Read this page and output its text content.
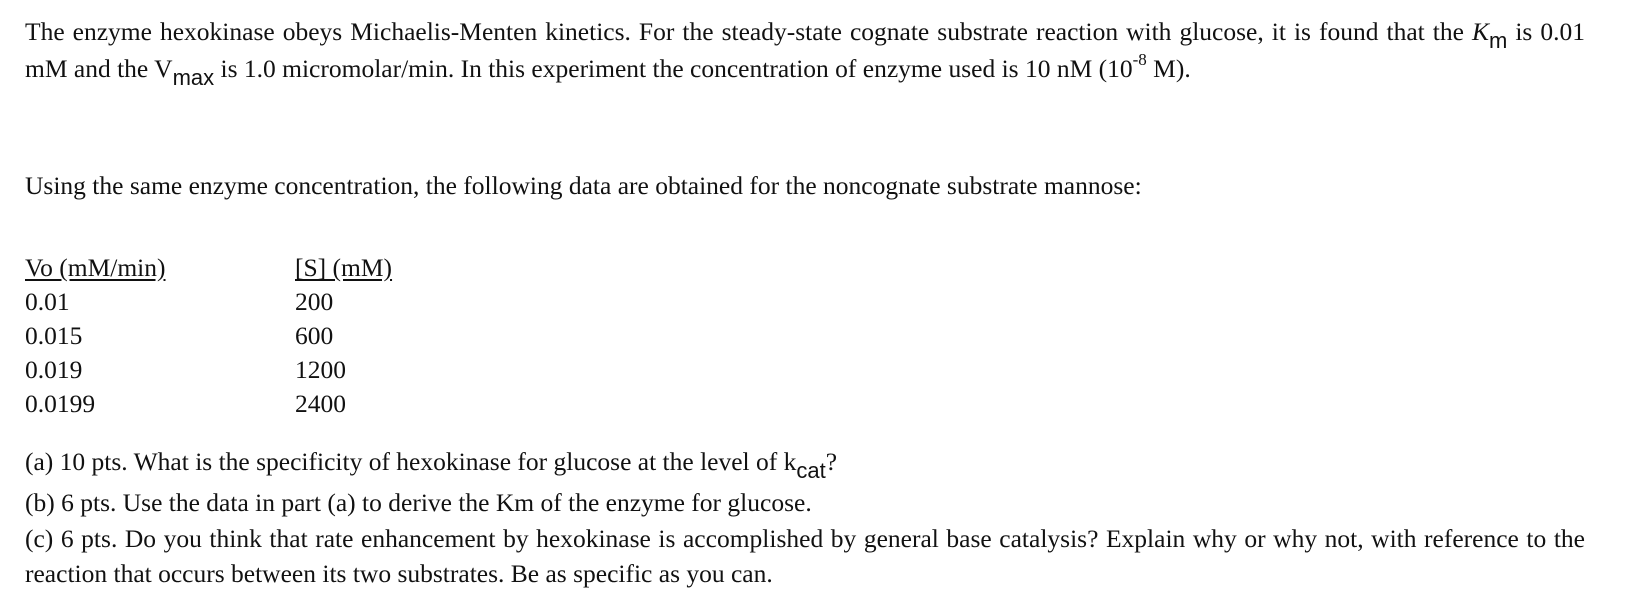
The enzyme hexokinase obeys Michaelis-Menten kinetics. For the steady-state cognate substrate reaction with glucose, it is found that the Km is 0.01 mM and the Vmax is 1.0 micromolar/min. In this experiment the concentration of enzyme used is 10 nM ($10^{-8}$ M).
Using the same enzyme concentration, the following data are obtained for the noncognate substrate mannose:
Vo (mM/min)
0.01
0.015
0.019
0.0199
[S] (mM)
200
600
1200
2400
(a) 10 pts. What is the specificity of hexokinase for glucose at the level of kcat?
(b) 6 pts. Use the data in part (a) to derive the Km of the enzyme for glucose.
(c) 6 pts. Do you think that rate enhancement by hexokinase is accomplished by general base catalysis? Explain why or why not, with reference to the reaction that occurs between its two substrates. Be as specific as you can.
